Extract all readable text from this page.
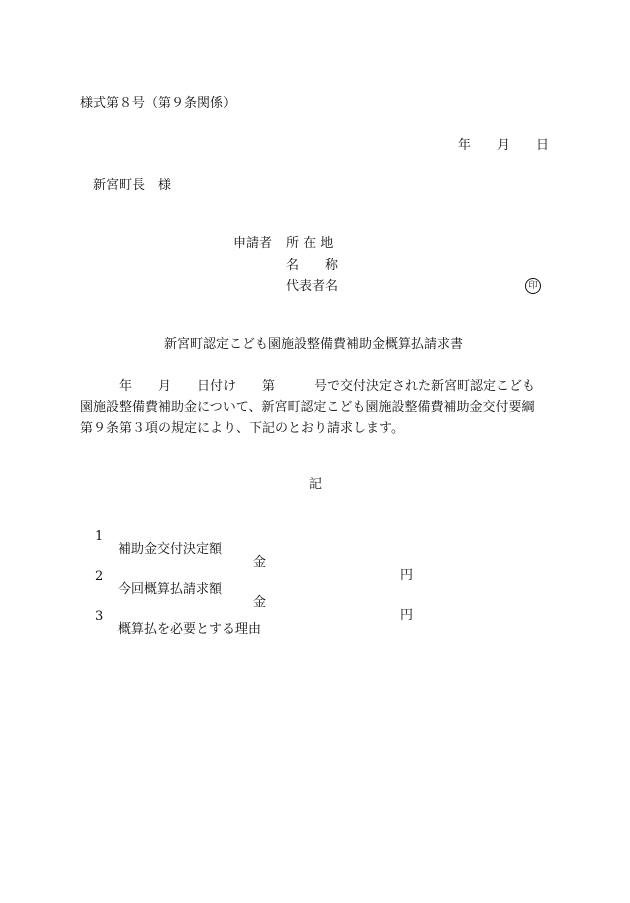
様式第８号（第９条関係）
年　　月　　日
新宮町長　様
申請者 所 在 地
名　　称
代表者名	印
新宮町認定こども園施設整備費補助金概算払請求書
　　　年　　月　　日付け　　第　　　号で交付決定された新宮町認定こども
園施設整備費補助金について、新宮町認定こども園施設整備費補助金交付要綱
第９条第３項の規定により、下記のとおり請求します。
記

1

補助金交付決定額

金

円

2

今回概算払請求額

金

円

3

概算払を必要とする理由
